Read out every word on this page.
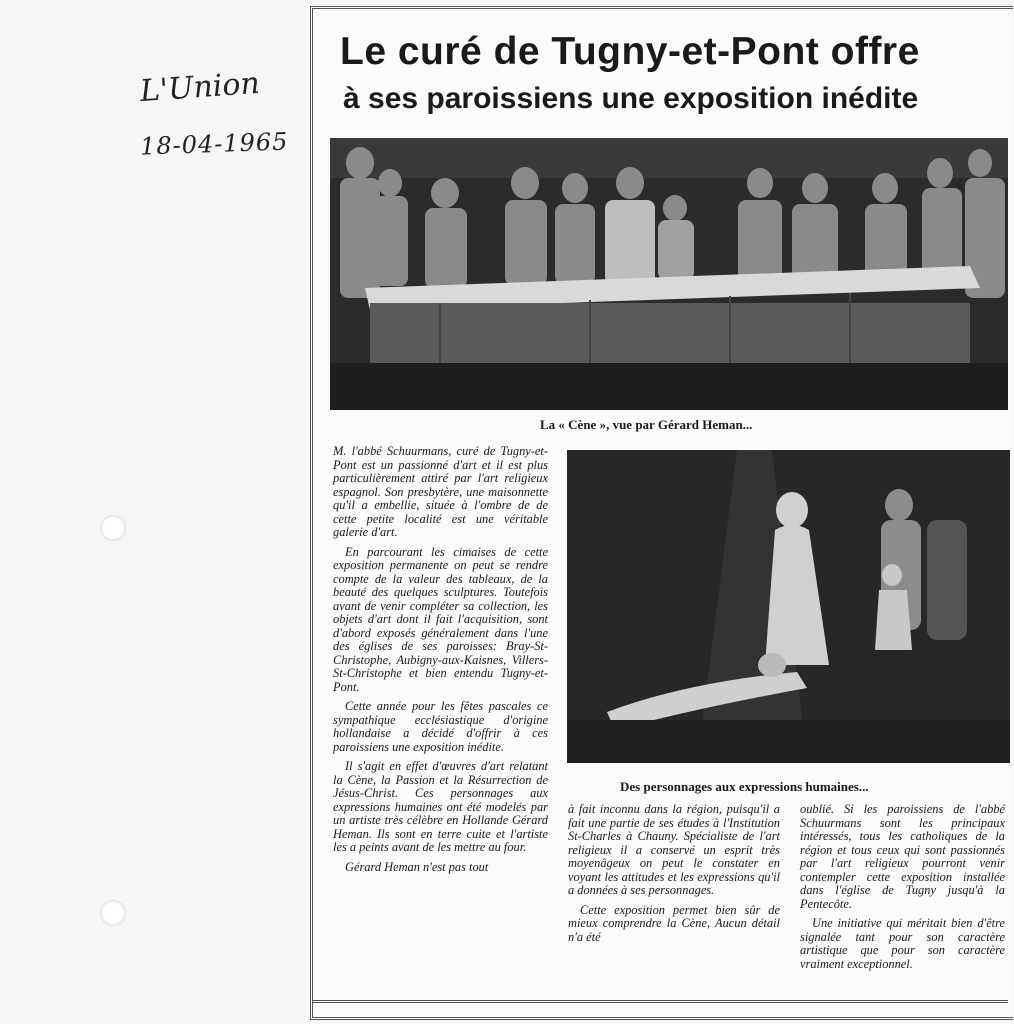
L'Union
18-04-1965
Le curé de Tugny-et-Pont offre
à ses paroissiens une exposition inédite
La « Cène », vue par Gérard Heman...
Des personnages aux expressions humaines...

M. l'abbé Schuurmans, curé de Tugny-et-Pont est un passionné d'art et il est plus particulièrement attiré par l'art religieux espagnol. Son presbytère, une maisonnette qu'il a embellie, située à l'ombre de de cette petite localité est une véritable galerie d'art.

En parcourant les cimaises de cette exposition permanente on peut se rendre compte de la valeur des tableaux, de la beauté des quelques sculptures. Toutefois avant de venir compléter sa collection, les objets d'art dont il fait l'acquisition, sont d'abord exposés généralement dans l'une des églises de ses paroisses: Bray-St-Christophe, Aubigny-aux-Kaisnes, Villers-St-Christophe et bien entendu Tugny-et-Pont.

Cette année pour les fêtes pascales ce sympathique ecclésiastique d'origine hollandaise a décidé d'offrir à ces paroissiens une exposition inédite.

Il s'agit en effet d'œuvres d'art relatant la Cène, la Passion et la Résurrection de Jésus-Christ. Ces personnages aux expressions humaines ont été modelés par un artiste très célèbre en Hollande Gérard Heman. Ils sont en terre cuite et l'artiste les a peints avant de les mettre au four.

Gérard Heman n'est pas tout

à fait inconnu dans la région, puisqu'il a fait une partie de ses études à l'Institution St-Charles à Chauny. Spécialiste de l'art religieux il a conservé un esprit très moyenâgeux on peut le constater en voyant les attitudes et les expressions qu'il a données à ses personnages.

Cette exposition permet bien sûr de mieux comprendre la Cène, Aucun détail n'a été

oublié. Si les paroissiens de l'abbé Schuurmans sont les principaux intéressés, tous les catholiques de la région et tous ceux qui sont passionnés par l'art religieux pourront venir contempler cette exposition installée dans l'église de Tugny jusqu'à la Pentecôte.

Une initiative qui méritait bien d'être signalée tant pour son caractère artistique que pour son caractère vraiment exceptionnel.
